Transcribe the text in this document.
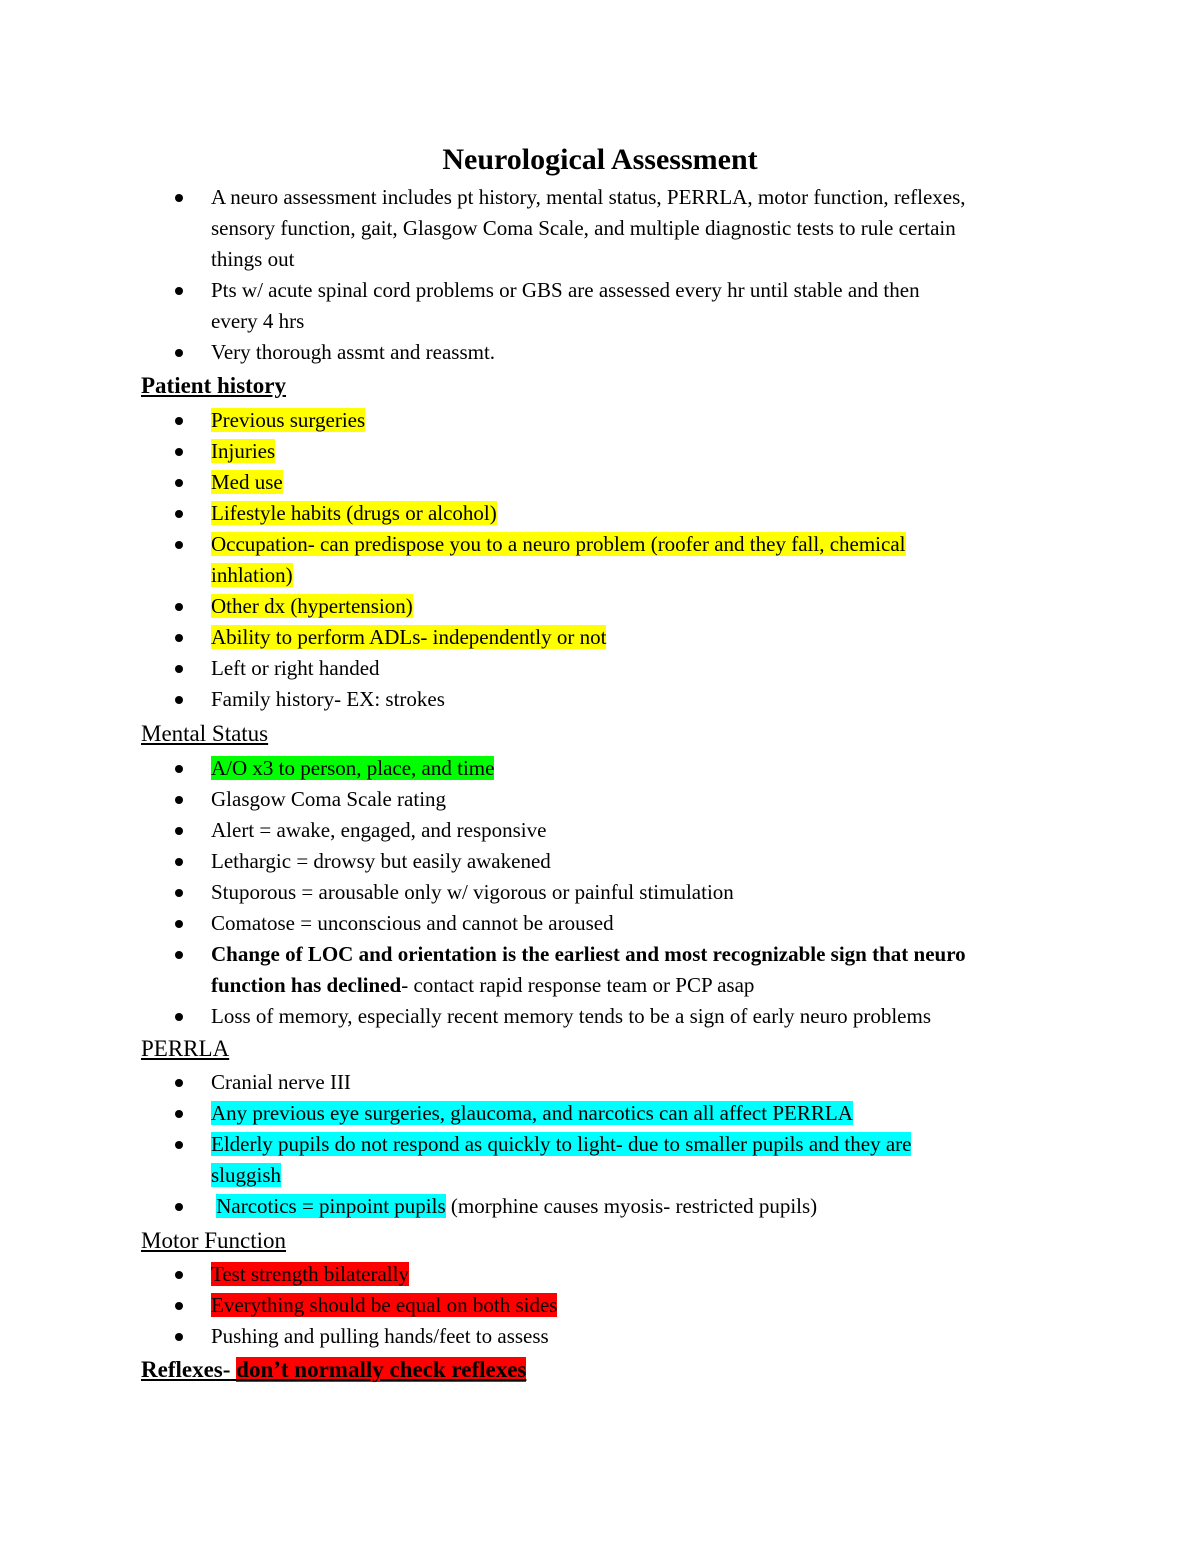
Neurological Assessment
A neuro assessment includes pt history, mental status, PERRLA, motor function, reflexes, sensory function, gait, Glasgow Coma Scale, and multiple diagnostic tests to rule certain things out
Pts w/ acute spinal cord problems or GBS are assessed every hr until stable and then every 4 hrs
Very thorough assmt and reassmt.
Patient history
Previous surgeries
Injuries
Med use
Lifestyle habits (drugs or alcohol)
Occupation- can predispose you to a neuro problem (roofer and they fall, chemical inhlation)
Other dx (hypertension)
Ability to perform ADLs- independently or not
Left or right handed
Family history- EX: strokes
Mental Status
A/O x3 to person, place, and time
Glasgow Coma Scale rating
Alert = awake, engaged, and responsive
Lethargic = drowsy but easily awakened
Stuporous = arousable only w/ vigorous or painful stimulation
Comatose = unconscious and cannot be aroused
Change of LOC and orientation is the earliest and most recognizable sign that neuro function has declined- contact rapid response team or PCP asap
Loss of memory, especially recent memory tends to be a sign of early neuro problems
PERRLA
Cranial nerve III
Any previous eye surgeries, glaucoma, and narcotics can all affect PERRLA
Elderly pupils do not respond as quickly to light- due to smaller pupils and they are sluggish
Narcotics = pinpoint pupils (morphine causes myosis- restricted pupils)
Motor Function
Test strength bilaterally
Everything should be equal on both sides
Pushing and pulling hands/feet to assess
Reflexes- don’t normally check reflexes
